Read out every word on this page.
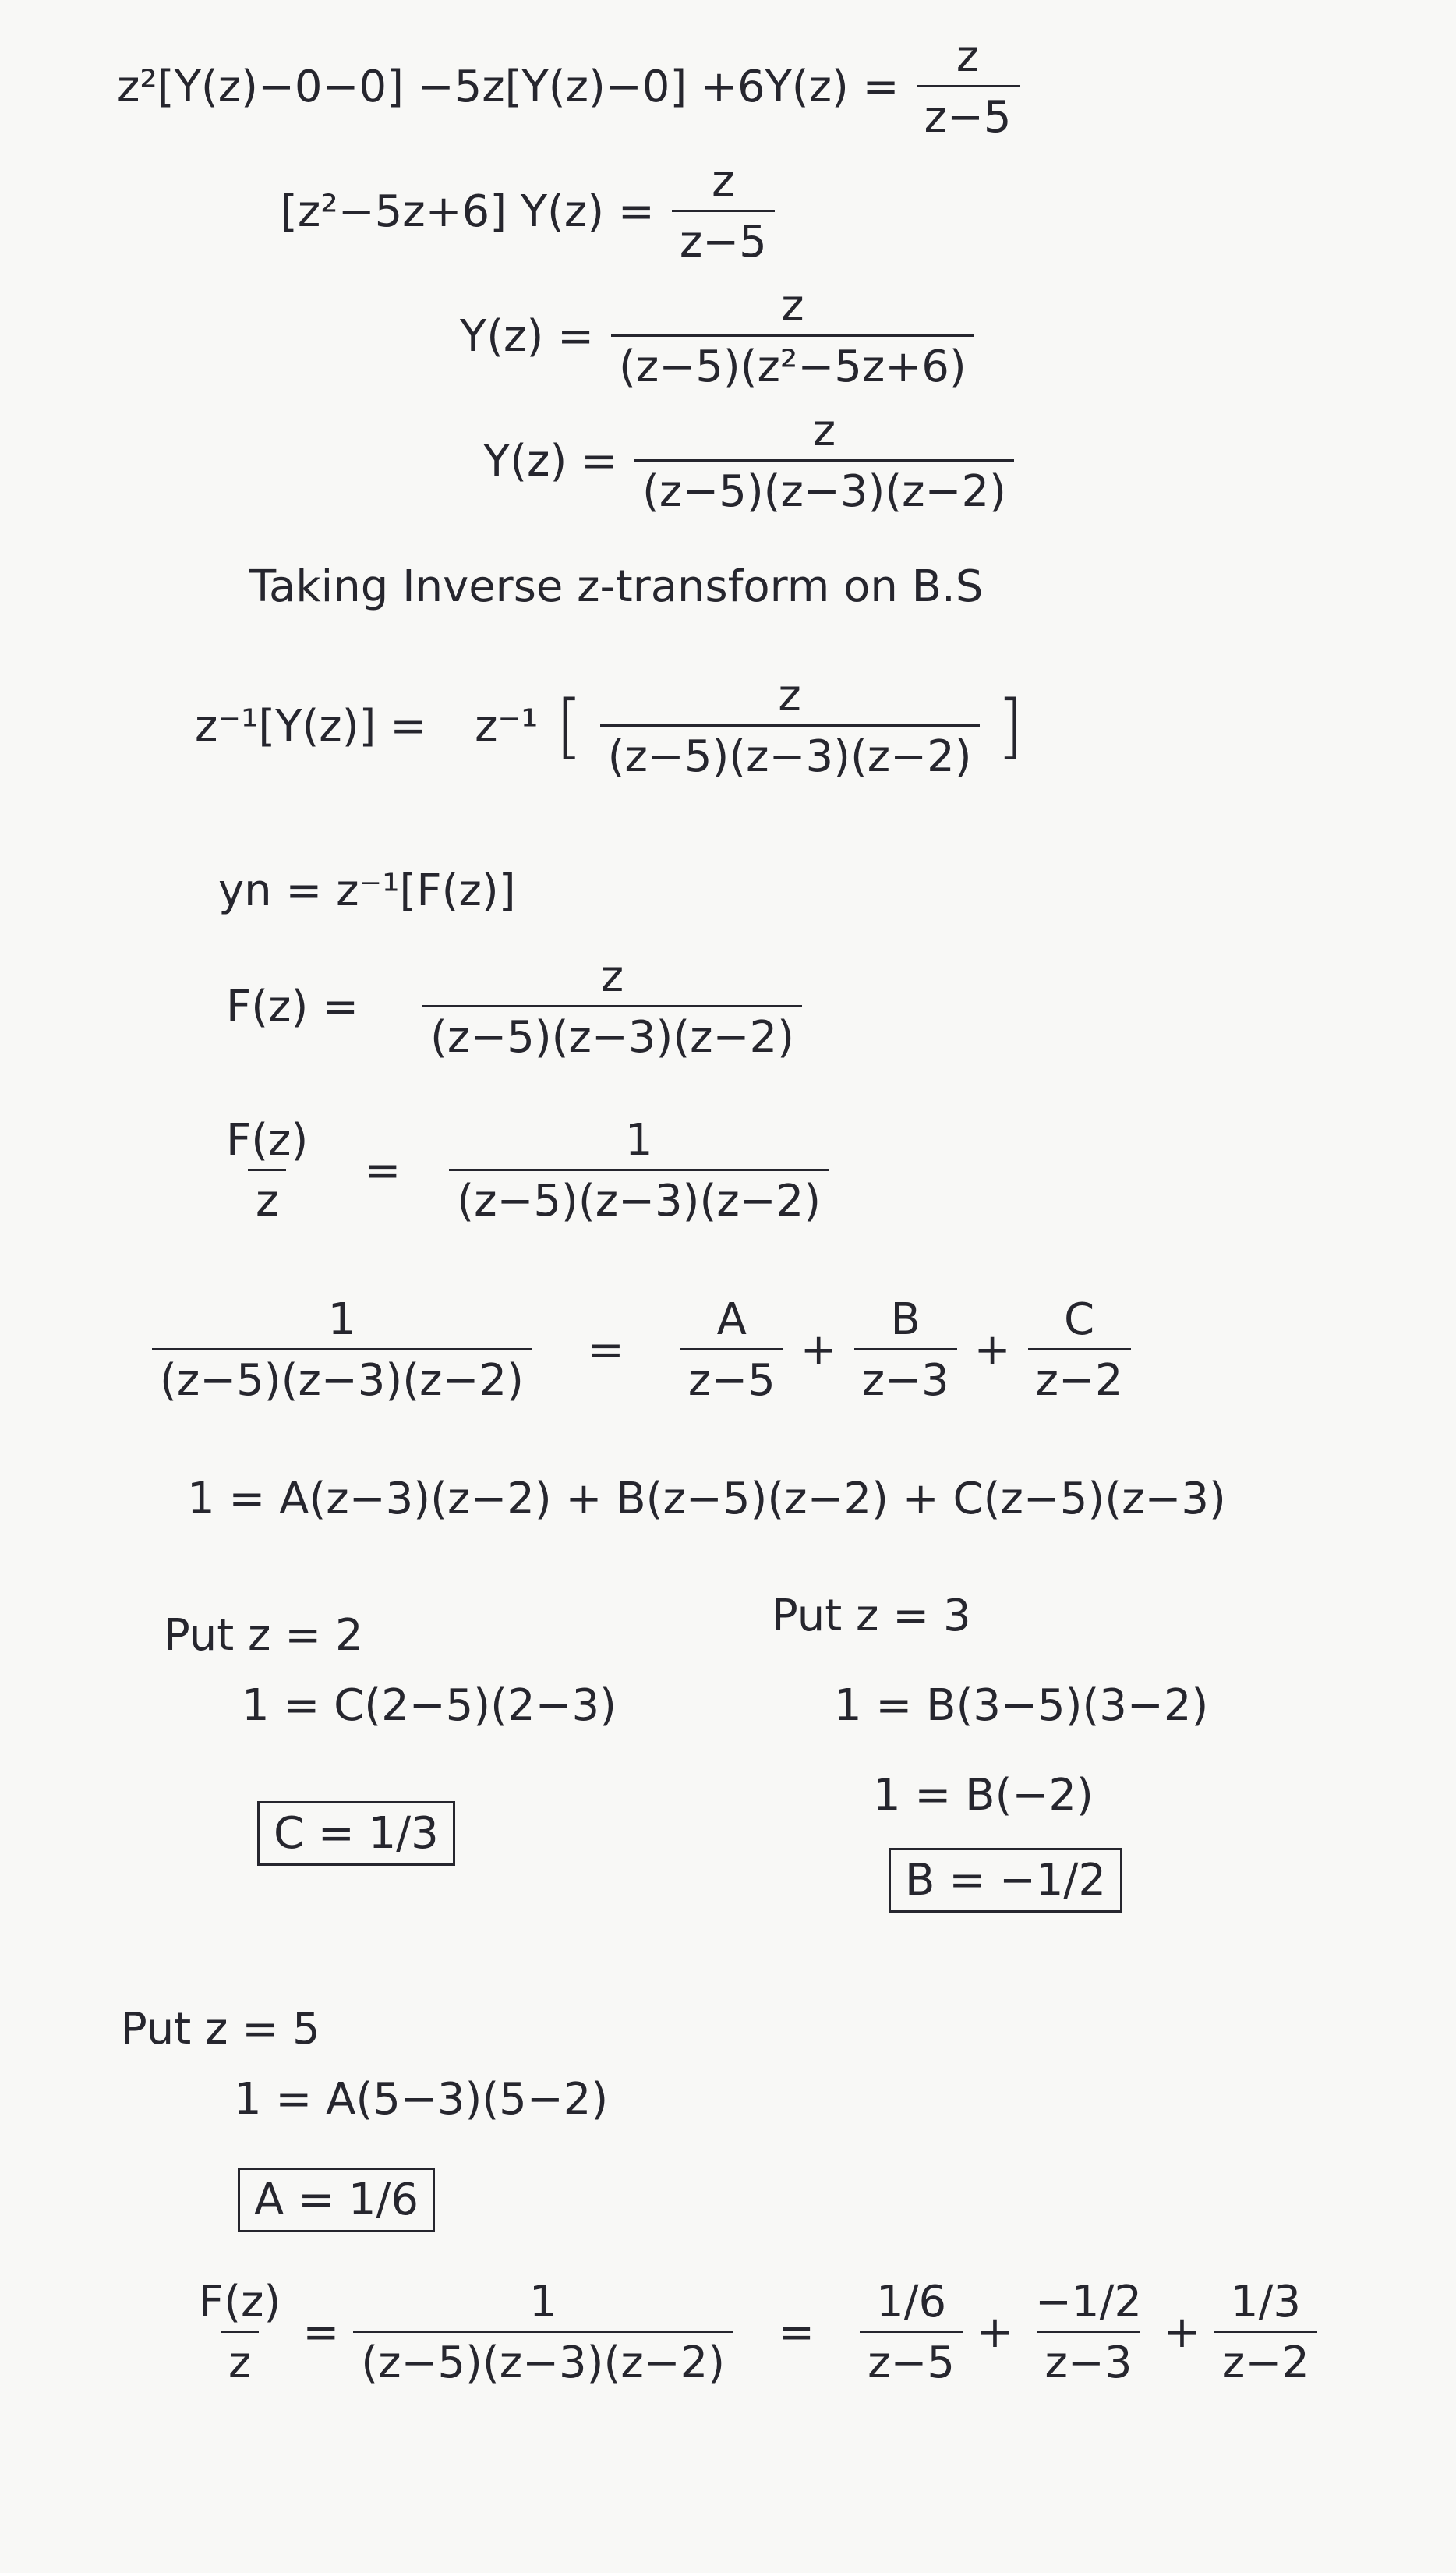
$z^2[Y(z)-0-0] -5z[Y(z)-0] +6Y(z) = \frac{z}{z-5}$
[z²−5z+6] $Y(z) = \frac{z}{z-5}$
$Y(z) = \frac{z}{\text{(z−5)(z²−5z+6)}}$
$Y(z) = \frac{z}{(z-5)(z-3)(z-2)}$
Taking Inverse z-transform on B.S
z⁻¹[Y(z)] = z⁻¹ [ $\frac{z}{(z-5)(z-3)(z-2)}$ ]
yn = z⁻¹[F(z)]
$F(z) = \frac{z}{(z-5)(z-3)(z-2)}$
$\frac{F(z)}{z} = \frac{1}{(z-5)(z-3)(z-2)}$
$\frac{1}{(z-5)(z-3)(z-2)} = \frac{A}{z-5} + \frac{B}{z-3} + \frac{C}{z-2}$
1 = A(z−3)(z−2) + B(z−5)(z−2) + C(z−5)(z−3)
Put z = 2
1 = C(2−5)(2−3)
C = 1/3
Put z = 3
1 = B(3−5)(3−2)
1 = B(−2)
B = −1/2
Put z = 5
1 = A(5−3)(5−2)
A = 1/6
$\frac{F(z)}{z} = \frac{1}{(z-5)(z-3)(z-2)} = \frac{1/6}{z-5} + \frac{-1/2}{z-3} + \frac{1/3}{z-2}$
